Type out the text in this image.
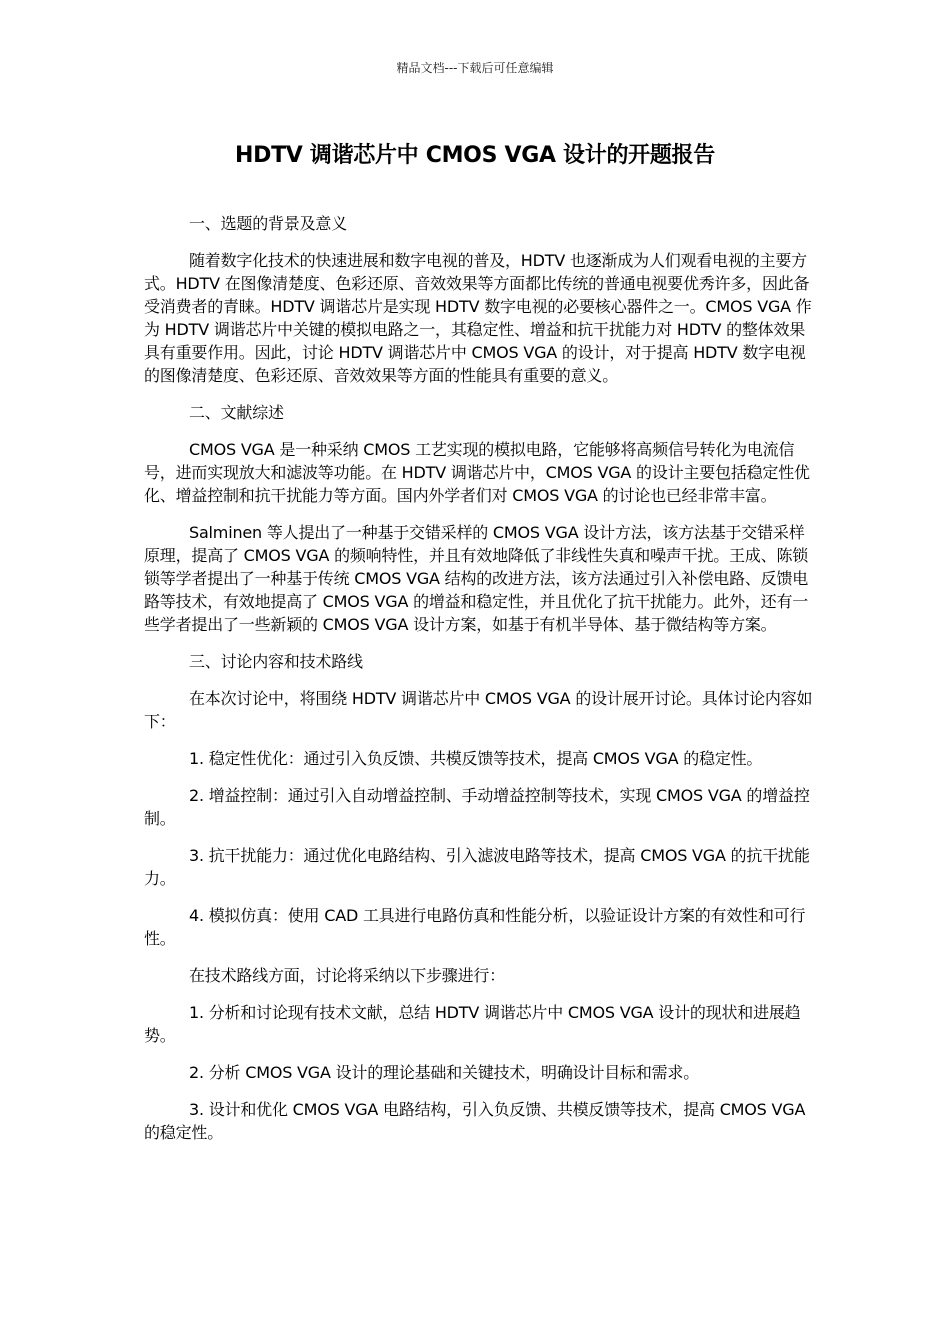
精品文档---下载后可任意编辑
HDTV 调谐芯片中 CMOS VGA 设计的开题报告

一、选题的背景及意义

随着数字化技术的快速进展和数字电视的普及，HDTV 也逐渐成为人们观看电视的主要方式。HDTV 在图像清楚度、色彩还原、音效效果等方面都比传统的普通电视要优秀许多，因此备受消费者的青睐。HDTV 调谐芯片是实现 HDTV 数字电视的必要核心器件之一。CMOS VGA 作为 HDTV 调谐芯片中关键的模拟电路之一，其稳定性、增益和抗干扰能力对 HDTV 的整体效果具有重要作用。因此，讨论 HDTV 调谐芯片中 CMOS VGA 的设计，对于提高 HDTV 数字电视的图像清楚度、色彩还原、音效效果等方面的性能具有重要的意义。

二、文献综述

CMOS VGA 是一种采纳 CMOS 工艺实现的模拟电路，它能够将高频信号转化为电流信号，进而实现放大和滤波等功能。在 HDTV 调谐芯片中，CMOS VGA 的设计主要包括稳定性优化、增益控制和抗干扰能力等方面。国内外学者们对 CMOS VGA 的讨论也已经非常丰富。

Salminen 等人提出了一种基于交错采样的 CMOS VGA 设计方法，该方法基于交错采样原理，提高了 CMOS VGA 的频响特性，并且有效地降低了非线性失真和噪声干扰。王成、陈锁锁等学者提出了一种基于传统 CMOS VGA 结构的改进方法，该方法通过引入补偿电路、反馈电路等技术，有效地提高了 CMOS VGA 的增益和稳定性，并且优化了抗干扰能力。此外，还有一些学者提出了一些新颖的 CMOS VGA 设计方案，如基于有机半导体、基于微结构等方案。

三、讨论内容和技术路线

在本次讨论中，将围绕 HDTV 调谐芯片中 CMOS VGA 的设计展开讨论。具体讨论内容如下：

1. 稳定性优化：通过引入负反馈、共模反馈等技术，提高 CMOS VGA 的稳定性。

2. 增益控制：通过引入自动增益控制、手动增益控制等技术，实现 CMOS VGA 的增益控制。

3. 抗干扰能力：通过优化电路结构、引入滤波电路等技术，提高 CMOS VGA 的抗干扰能力。

4. 模拟仿真：使用 CAD 工具进行电路仿真和性能分析，以验证设计方案的有效性和可行性。

在技术路线方面，讨论将采纳以下步骤进行：

1. 分析和讨论现有技术文献，总结 HDTV 调谐芯片中 CMOS VGA 设计的现状和进展趋势。

2. 分析 CMOS VGA 设计的理论基础和关键技术，明确设计目标和需求。

3. 设计和优化 CMOS VGA 电路结构，引入负反馈、共模反馈等技术，提高 CMOS VGA 的稳定性。
